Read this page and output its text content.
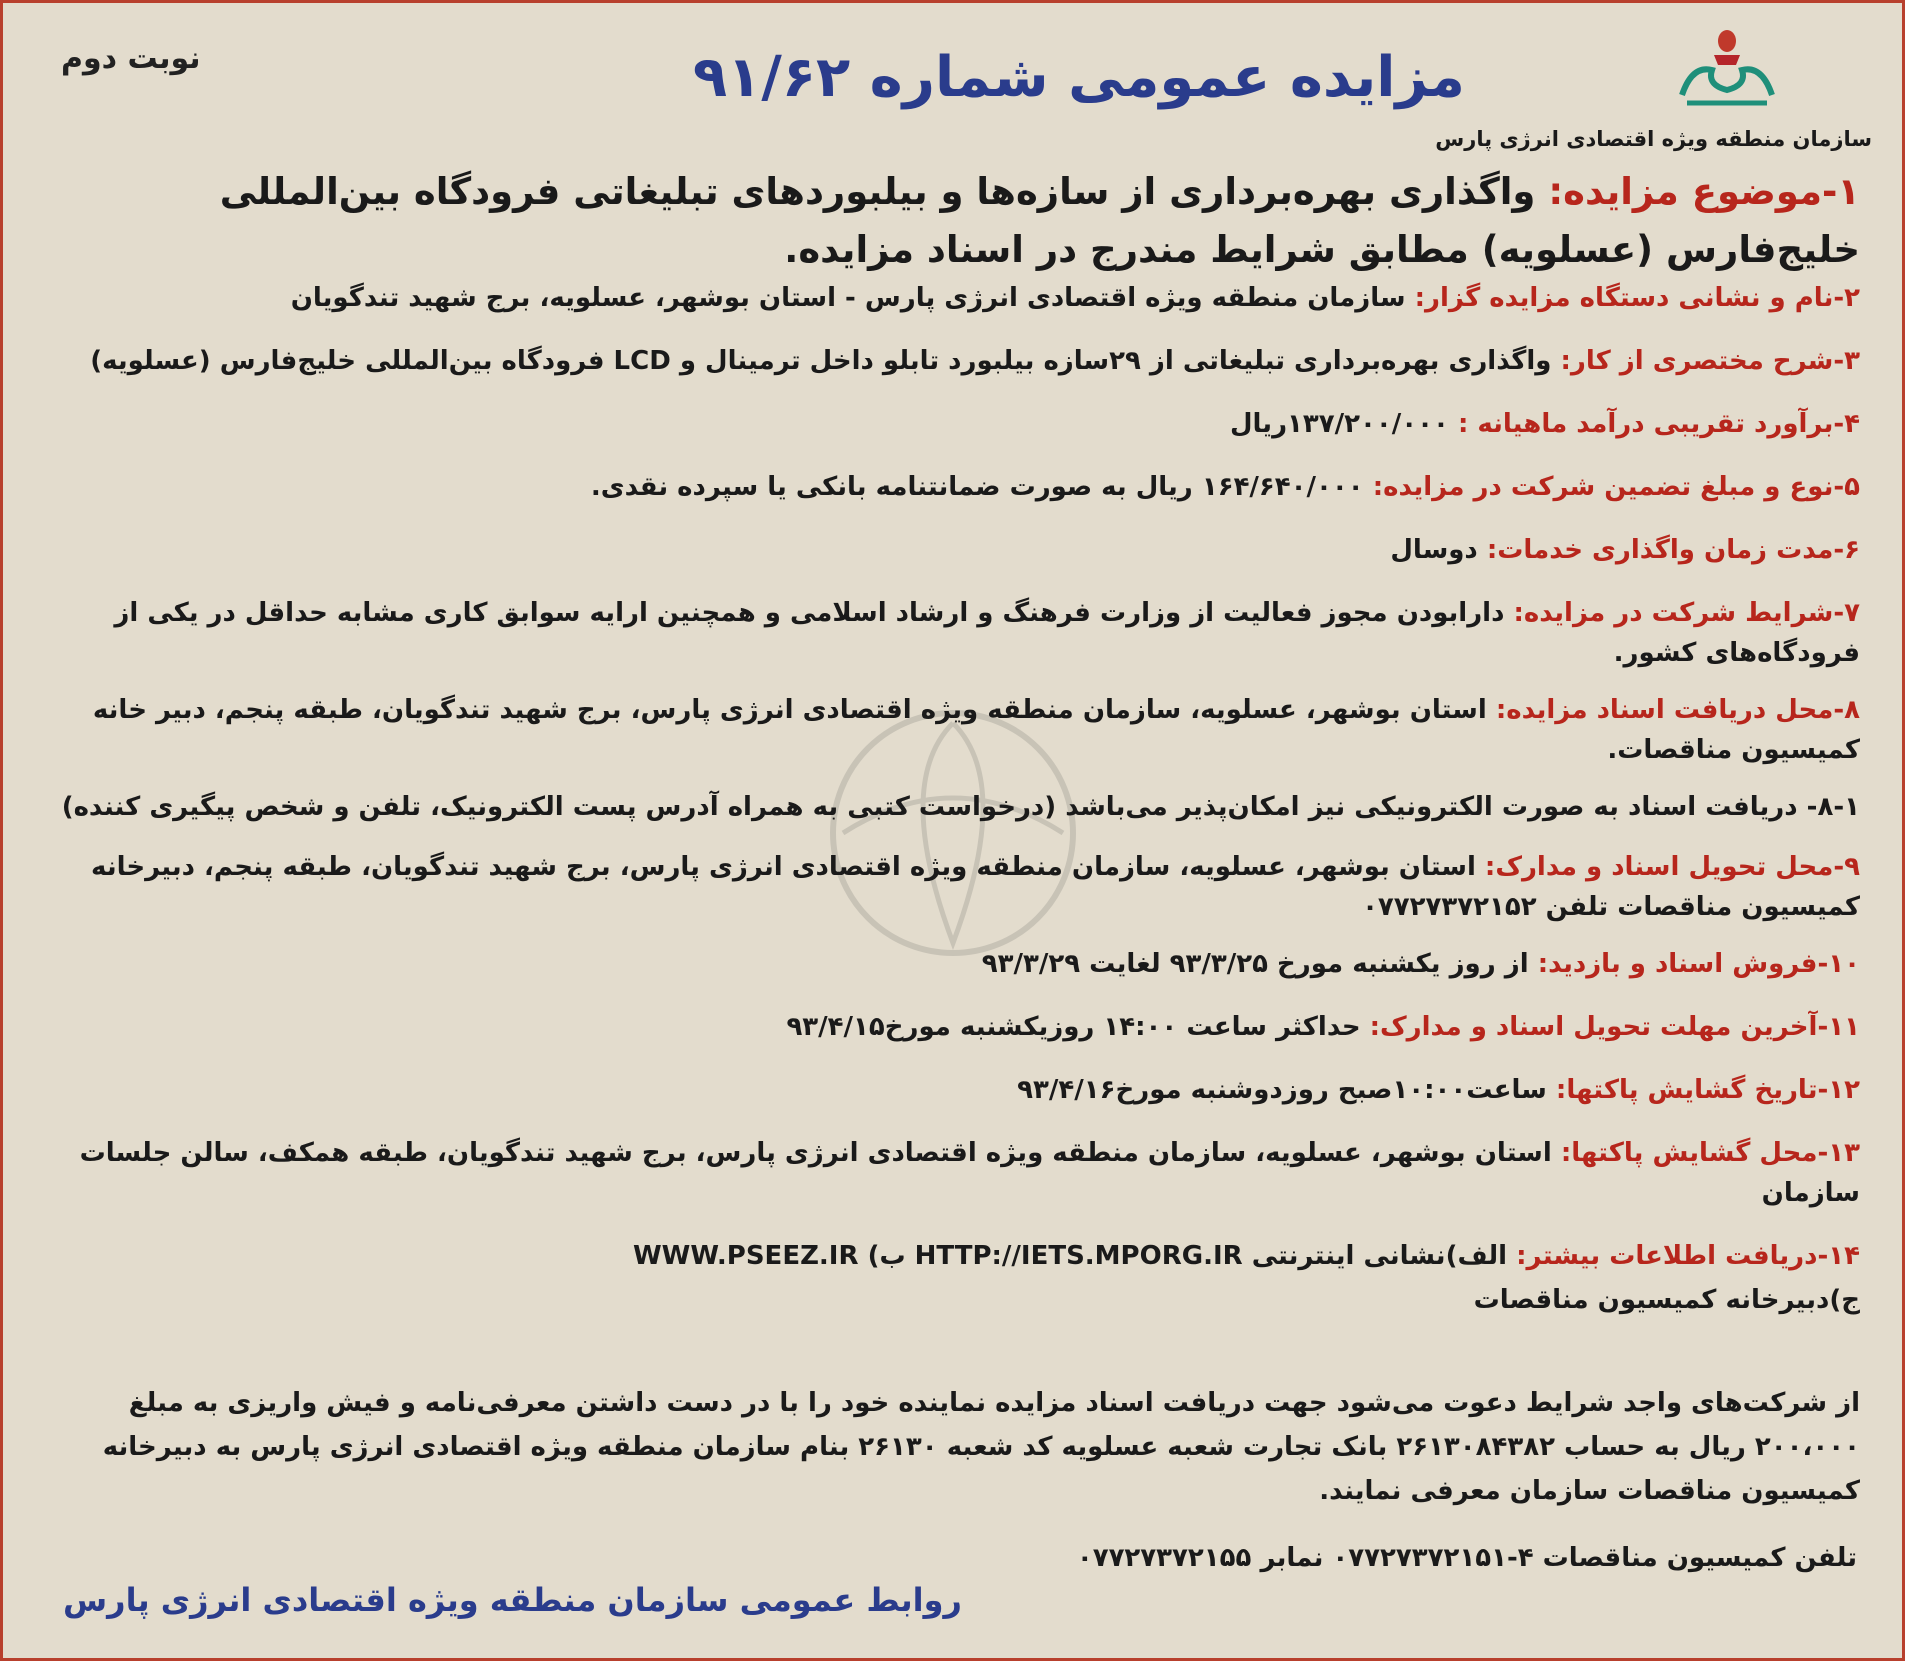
نوبت دوم	مزایده عمومی شماره ۹۱/۶۲
سازمان منطقه ویژه اقتصادی انرژی پارس
۱-موضوع مزایده: واگذاری بهره‌برداری از سازه‌ها و بیلبوردهای تبلیغاتی فرودگاه بین‌المللی خلیج‌فارس (عسلویه) مطابق شرایط مندرج در اسناد مزایده.
۲-نام و نشانی دستگاه مزایده گزار: سازمان منطقه ویژه اقتصادی انرژی پارس - استان بوشهر، عسلویه، برج شهید تندگویان
۳-شرح مختصری از کار: واگذاری بهره‌برداری تبلیغاتی از ۲۹سازه بیلبورد تابلو داخل ترمینال و LCD فرودگاه بین‌المللی خلیج‌فارس (عسلویه)
۴-برآورد تقریبی درآمد ماهیانه : ۱۳۷/۲۰۰/۰۰۰ریال
۵-نوع و مبلغ تضمین شرکت در مزایده: ۱۶۴/۶۴۰/۰۰۰ ریال به صورت ضمانتنامه بانکی یا سپرده نقدی.
۶-مدت زمان واگذاری خدمات: دوسال
۷-شرایط شرکت در مزایده: دارابودن مجوز فعالیت از وزارت فرهنگ و ارشاد اسلامی و همچنین ارایه سوابق کاری مشابه حداقل در یکی از فرودگاه‌های کشور.
۸-محل دریافت اسناد مزایده: استان بوشهر، عسلویه، سازمان منطقه ویژه اقتصادی انرژی پارس، برج شهید تندگویان، طبقه پنجم، دبیر خانه کمیسیون مناقصات.
۸-۱- دریافت اسناد به صورت الکترونیکی نیز امکان‌پذیر می‌باشد (درخواست کتبی به همراه آدرس پست الکترونیک، تلفن و شخص پیگیری کننده)
۹-محل تحویل اسناد و مدارک: استان بوشهر، عسلویه، سازمان منطقه ویژه اقتصادی انرژی پارس، برج شهید تندگویان، طبقه پنجم، دبیرخانه کمیسیون مناقصات تلفن ۰۷۷۲۷۳۷۲۱۵۲
۱۰-فروش اسناد و بازدید: از روز یکشنبه مورخ ۹۳/۳/۲۵ لغایت ۹۳/۳/۲۹
۱۱-آخرین مهلت تحویل اسناد و مدارک: حداکثر ساعت ۱۴:۰۰ روزیکشنبه مورخ۹۳/۴/۱۵
۱۲-تاریخ گشایش پاکتها: ساعت۱۰:۰۰صبح روزدوشنبه مورخ۹۳/۴/۱۶
۱۳-محل گشایش پاکتها: استان بوشهر، عسلویه، سازمان منطقه ویژه اقتصادی انرژی پارس، برج شهید تندگویان، طبقه همکف، سالن جلسات سازمان
۱۴-دریافت اطلاعات بیشتر: الف)نشانی اینترنتی HTTP://IETS.MPORG.IR ب) WWW.PSEEZ.IR
ج)دبیرخانه کمیسیون مناقصات
از شرکت‌های واجد شرایط دعوت می‌شود جهت دریافت اسناد مزایده نماینده خود را با در دست داشتن معرفی‌نامه و فیش واریزی به مبلغ ۲۰۰،۰۰۰ ریال به حساب ۲۶۱۳۰۸۴۳۸۲ بانک تجارت شعبه عسلویه کد شعبه ۲۶۱۳۰ بنام سازمان منطقه ویژه اقتصادی انرژی پارس به دبیرخانه کمیسیون مناقصات سازمان معرفی نمایند.
تلفن کمیسیون مناقصات ۴-۰۷۷۲۷۳۷۲۱۵۱ نمابر ۰۷۷۲۷۳۷۲۱۵۵
روابط عمومی سازمان منطقه ویژه اقتصادی انرژی پارس
